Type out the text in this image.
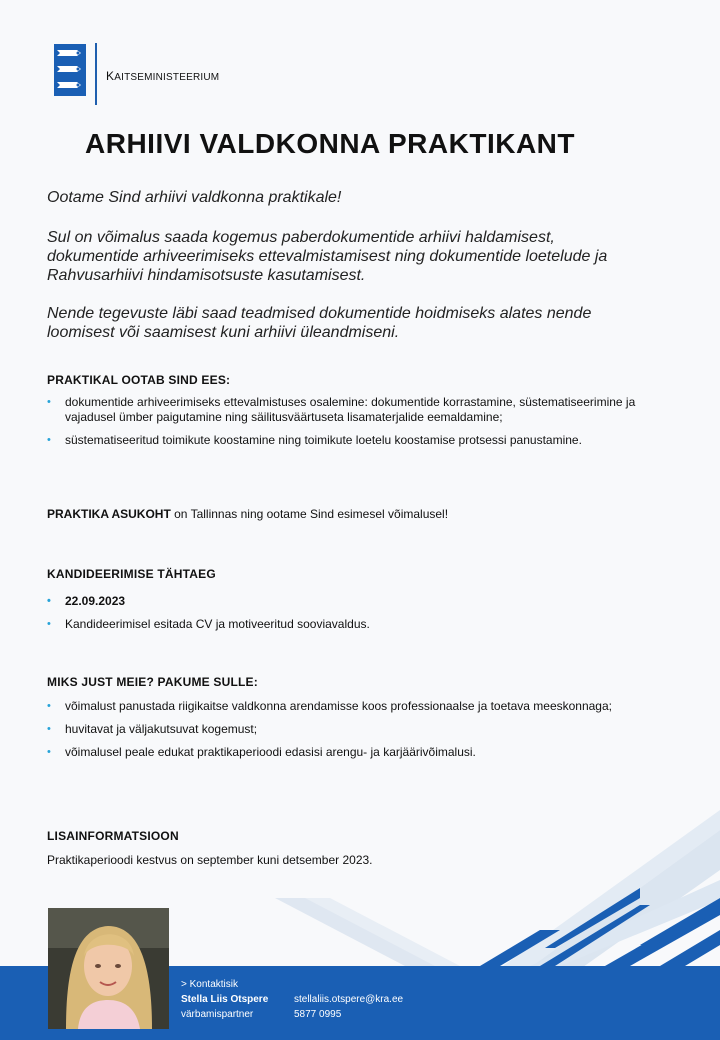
KAITSEMINISTEERIUM
ARHIIVI VALDKONNA PRAKTIKANT
Ootame Sind arhiivi valdkonna praktikale!
Sul on võimalus saada kogemus paberdokumentide arhiivi haldamisest, dokumentide arhiveerimiseks ettevalmistamisest ning dokumentide loetelude ja Rahvusarhiivi hindamisotsuste kasutamisest.
Nende tegevuste läbi saad teadmised dokumentide hoidmiseks alates nende loomisest või saamisest kuni arhiivi üleandmiseni.
PRAKTIKAL OOTAB SIND EES:
• dokumentide arhiveerimiseks ettevalmistuses osalemine: dokumentide korrastamine, süstematiseerimine ja vajadusel ümber paigutamine ning säilitusväärtuseta lisamaterjalide eemaldamine;
• süstematiseeritud toimikute koostamine ning toimikute loetelu koostamise protsessi panustamine.
PRAKTIKA ASUKOHT on Tallinnas ning ootame Sind esimesel võimalusel!
KANDIDEERIMISE TÄHTAEG
• 22.09.2023
• Kandideerimisel esitada CV ja motiveeritud sooviavaldus.
MIKS JUST MEIE? PAKUME SULLE:
• võimalust panustada riigikaitse valdkonna arendamisse koos professionaalse ja toetava meeskonnaga;
• huvitavat ja väljakutsuvat kogemust;
• võimalusel peale edukat praktikaperioodi edasisi arengu- ja karjäärivõimalusi.
LISAINFORMATSIOON
Praktikaperioodi kestvus on september kuni detsember 2023.
> Kontaktisik
Stella Liis Otspere
värbamispartner
stellaliis.otspere@kra.ee
5877 0995
